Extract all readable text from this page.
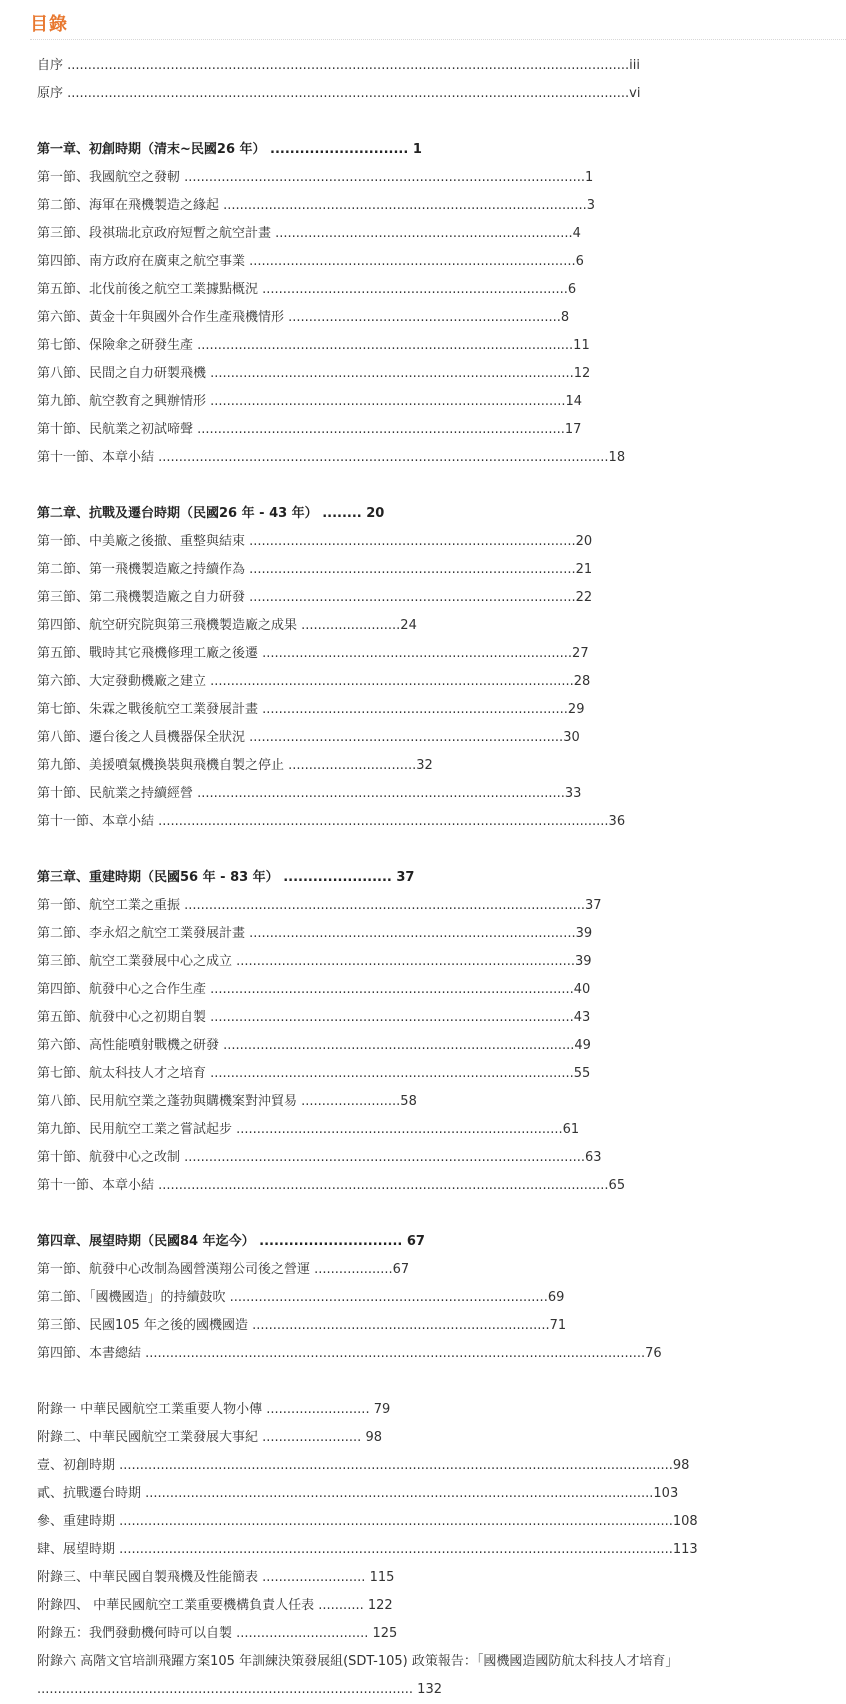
目錄
自序 ........................................................................................................................................iii
原序 ........................................................................................................................................vi
第一章、初創時期（清末~民國26 年） ............................ 1
第一節、我國航空之發軔 .................................................................................................1
第二節、海軍在飛機製造之緣起 ........................................................................................3
第三節、段祺瑞北京政府短暫之航空計畫 ........................................................................4
第四節、南方政府在廣東之航空事業 ...............................................................................6
第五節、北伐前後之航空工業據點概況 ..........................................................................6
第六節、黃金十年與國外合作生產飛機情形 ..................................................................8
第七節、保險傘之研發生產 ...........................................................................................11
第八節、民間之自力研製飛機 ........................................................................................12
第九節、航空教育之興辦情形 ......................................................................................14
第十節、民航業之初試啼聲 .........................................................................................17
第十一節、本章小結 .............................................................................................................18
第二章、抗戰及遷台時期（民國26 年 - 43 年） ........ 20
第一節、中美廠之後撤、重整與結束 ...............................................................................20
第二節、第一飛機製造廠之持續作為 ...............................................................................21
第三節、第二飛機製造廠之自力研發 ...............................................................................22
第四節、航空研究院與第三飛機製造廠之成果 ........................24
第五節、戰時其它飛機修理工廠之後遷 ...........................................................................27
第六節、大定發動機廠之建立 ........................................................................................28
第七節、朱霖之戰後航空工業發展計畫 ..........................................................................29
第八節、遷台後之人員機器保全狀況 ............................................................................30
第九節、美援噴氣機換裝與飛機自製之停止 ...............................32
第十節、民航業之持續經營 .........................................................................................33
第十一節、本章小結 .............................................................................................................36
第三章、重建時期（民國56 年 - 83 年） ...................... 37
第一節、航空工業之重振 .................................................................................................37
第二節、李永炤之航空工業發展計畫 ...............................................................................39
第三節、航空工業發展中心之成立 ..................................................................................39
第四節、航發中心之合作生產 ........................................................................................40
第五節、航發中心之初期自製 ........................................................................................43
第六節、高性能噴射戰機之研發 .....................................................................................49
第七節、航太科技人才之培育 ........................................................................................55
第八節、民用航空業之蓬勃與購機案對沖貿易 ........................58
第九節、民用航空工業之嘗試起步 ...............................................................................61
第十節、航發中心之改制 .................................................................................................63
第十一節、本章小結 .............................................................................................................65
第四章、展望時期（民國84 年迄今） ............................. 67
第一節、航發中心改制為國營漢翔公司後之營運 ...................67
第二節、「國機國造」的持續鼓吹 .............................................................................69
第三節、民國105 年之後的國機國造 ........................................................................71
第四節、本書總結 .........................................................................................................................76
附錄一 中華民國航空工業重要人物小傳 ......................... 79
附錄二、中華民國航空工業發展大事紀 ........................ 98
壹、初創時期 ......................................................................................................................................98
貳、抗戰遷台時期 ...........................................................................................................................103
參、重建時期 ......................................................................................................................................108
肆、展望時期 ......................................................................................................................................113
附錄三、中華民國自製飛機及性能簡表 ......................... 115
附錄四、 中華民國航空工業重要機構負責人任表 ........... 122
附錄五：我們發動機何時可以自製 ................................ 125
附錄六 高階文官培訓飛躍方案105 年訓練決策發展組(SDT-105) 政策報告：「國機國造國防航太科技人才培育」 ........................................................................................... 132
